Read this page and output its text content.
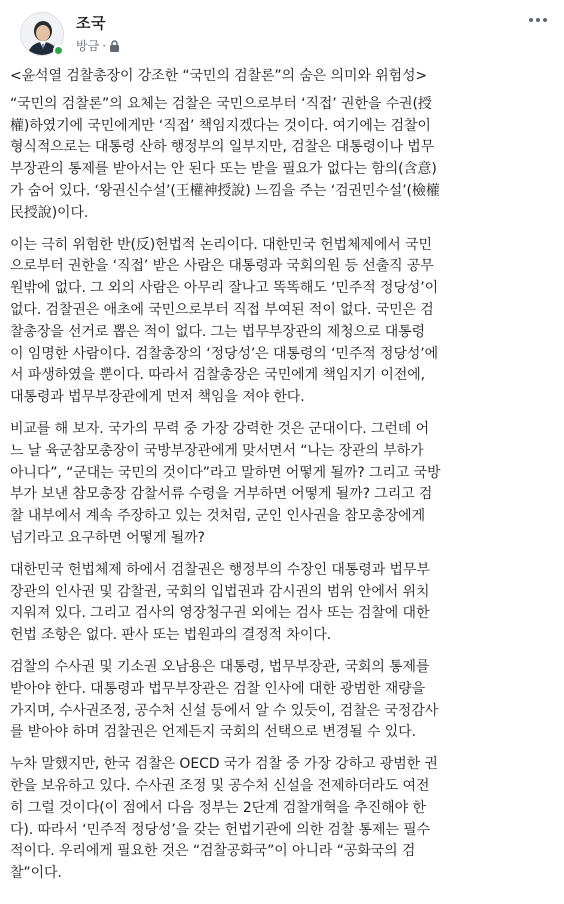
조국
방금 ·

<윤석열 검찰총장이 강조한 “국민의 검찰론”의 숨은 의미와 위험성>

“국민의 검찰론”의 요체는 검찰은 국민으로부터 ‘직접’ 권한을 수권(授
權)하였기에 국민에게만 ‘직접’ 책임지겠다는 것이다. 여기에는 검찰이
형식적으로는 대통령 산하 행정부의 일부지만, 검찰은 대통령이나 법무
부장관의 통제를 받아서는 안 된다 또는 받을 필요가 없다는 함의(含意)
가 숨어 있다. ‘왕권신수설’(王權神授說) 느낌을 주는 ‘검권민수설’(檢權
民授說)이다.

이는 극히 위험한 반(反)헌법적 논리이다. 대한민국 헌법체제에서 국민
으로부터 권한을 ‘직접’ 받은 사람은 대통령과 국회의원 등 선출직 공무
원밖에 없다. 그 외의 사람은 아무리 잘나고 똑똑해도 ‘민주적 정당성’이
없다. 검찰권은 애초에 국민으로부터 직접 부여된 적이 없다. 국민은 검
찰총장을 선거로 뽑은 적이 없다. 그는 법무부장관의 제청으로 대통령
이 임명한 사람이다. 검찰총장의 ‘정당성’은 대통령의 ‘민주적 정당성’에
서 파생하였을 뿐이다. 따라서 검찰총장은 국민에게 책임지기 이전에,
대통령과 법무부장관에게 먼저 책임을 져야 한다.

비교를 해 보자. 국가의 무력 중 가장 강력한 것은 군대이다. 그런데 어
느 날 육군참모총장이 국방부장관에게 맞서면서 “나는 장관의 부하가
아니다”, “군대는 국민의 것이다”라고 말하면 어떻게 될까? 그리고 국방
부가 보낸 참모총장 감찰서류 수령을 거부하면 어떻게 될까? 그리고 검
찰 내부에서 계속 주장하고 있는 것처럼, 군인 인사권을 참모총장에게
넘기라고 요구하면 어떻게 될까?

대한민국 헌법체제 하에서 검찰권은 행정부의 수장인 대통령과 법무부
장관의 인사권 및 감찰권, 국회의 입법권과 감시권의 범위 안에서 위치
지워져 있다. 그리고 검사의 영장청구권 외에는 검사 또는 검찰에 대한
헌법 조항은 없다. 판사 또는 법원과의 결정적 차이다.

검찰의 수사권 및 기소권 오남용은 대통령, 법무부장관, 국회의 통제를
받아야 한다. 대통령과 법무부장관은 검찰 인사에 대한 광범한 재량을
가지며, 수사권조정, 공수처 신설 등에서 알 수 있듯이, 검찰은 국정감사
를 받아야 하며 검찰권은 언제든지 국회의 선택으로 변경될 수 있다.

누차 말했지만, 한국 검찰은 OECD 국가 검찰 중 가장 강하고 광범한 권
한을 보유하고 있다. 수사권 조정 및 공수처 신설을 전제하더라도 여전
히 그럴 것이다(이 점에서 다음 정부는 2단계 검찰개혁을 추진해야 한
다). 따라서 ‘민주적 정당성’을 갖는 헌법기관에 의한 검찰 통제는 필수
적이다. 우리에게 필요한 것은 “검찰공화국”이 아니라 “공화국의 검
찰”이다.
